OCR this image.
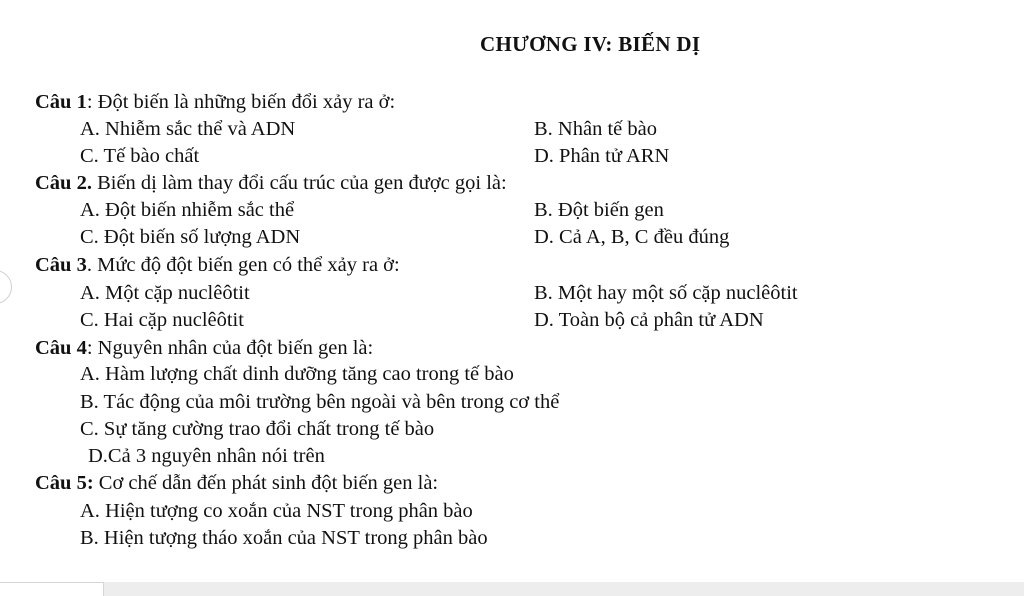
CHƯƠNG IV: BIẾN DỊ
Câu 1: Đột biến là những biến đổi xảy ra ở:
A. Nhiễm sắc thể và ADN	B. Nhân tế bào
C. Tế bào chất	D. Phân tử ARN
Câu 2. Biến dị làm thay đổi cấu trúc của gen được gọi là:
A. Đột biến nhiễm sắc thể	B. Đột biến gen
C. Đột biến số lượng ADN	D. Cả A, B, C đều đúng
Câu 3. Mức độ đột biến gen có thể xảy ra ở:
A. Một cặp nuclêôtit	B. Một hay một số cặp nuclêôtit
C. Hai cặp nuclêôtit	D. Toàn bộ cả phân tử ADN
Câu 4: Nguyên nhân của đột biến gen là:
A. Hàm lượng chất dinh dưỡng tăng cao trong tế bào
B. Tác động của môi trường bên ngoài và bên trong cơ thể
C. Sự tăng cường trao đổi chất trong tế bào
D.Cả 3 nguyên nhân nói trên
Câu 5: Cơ chế dẫn đến phát sinh đột biến gen là:
A. Hiện tượng co xoắn của NST trong phân bào
B. Hiện tượng tháo xoắn của NST trong phân bào
